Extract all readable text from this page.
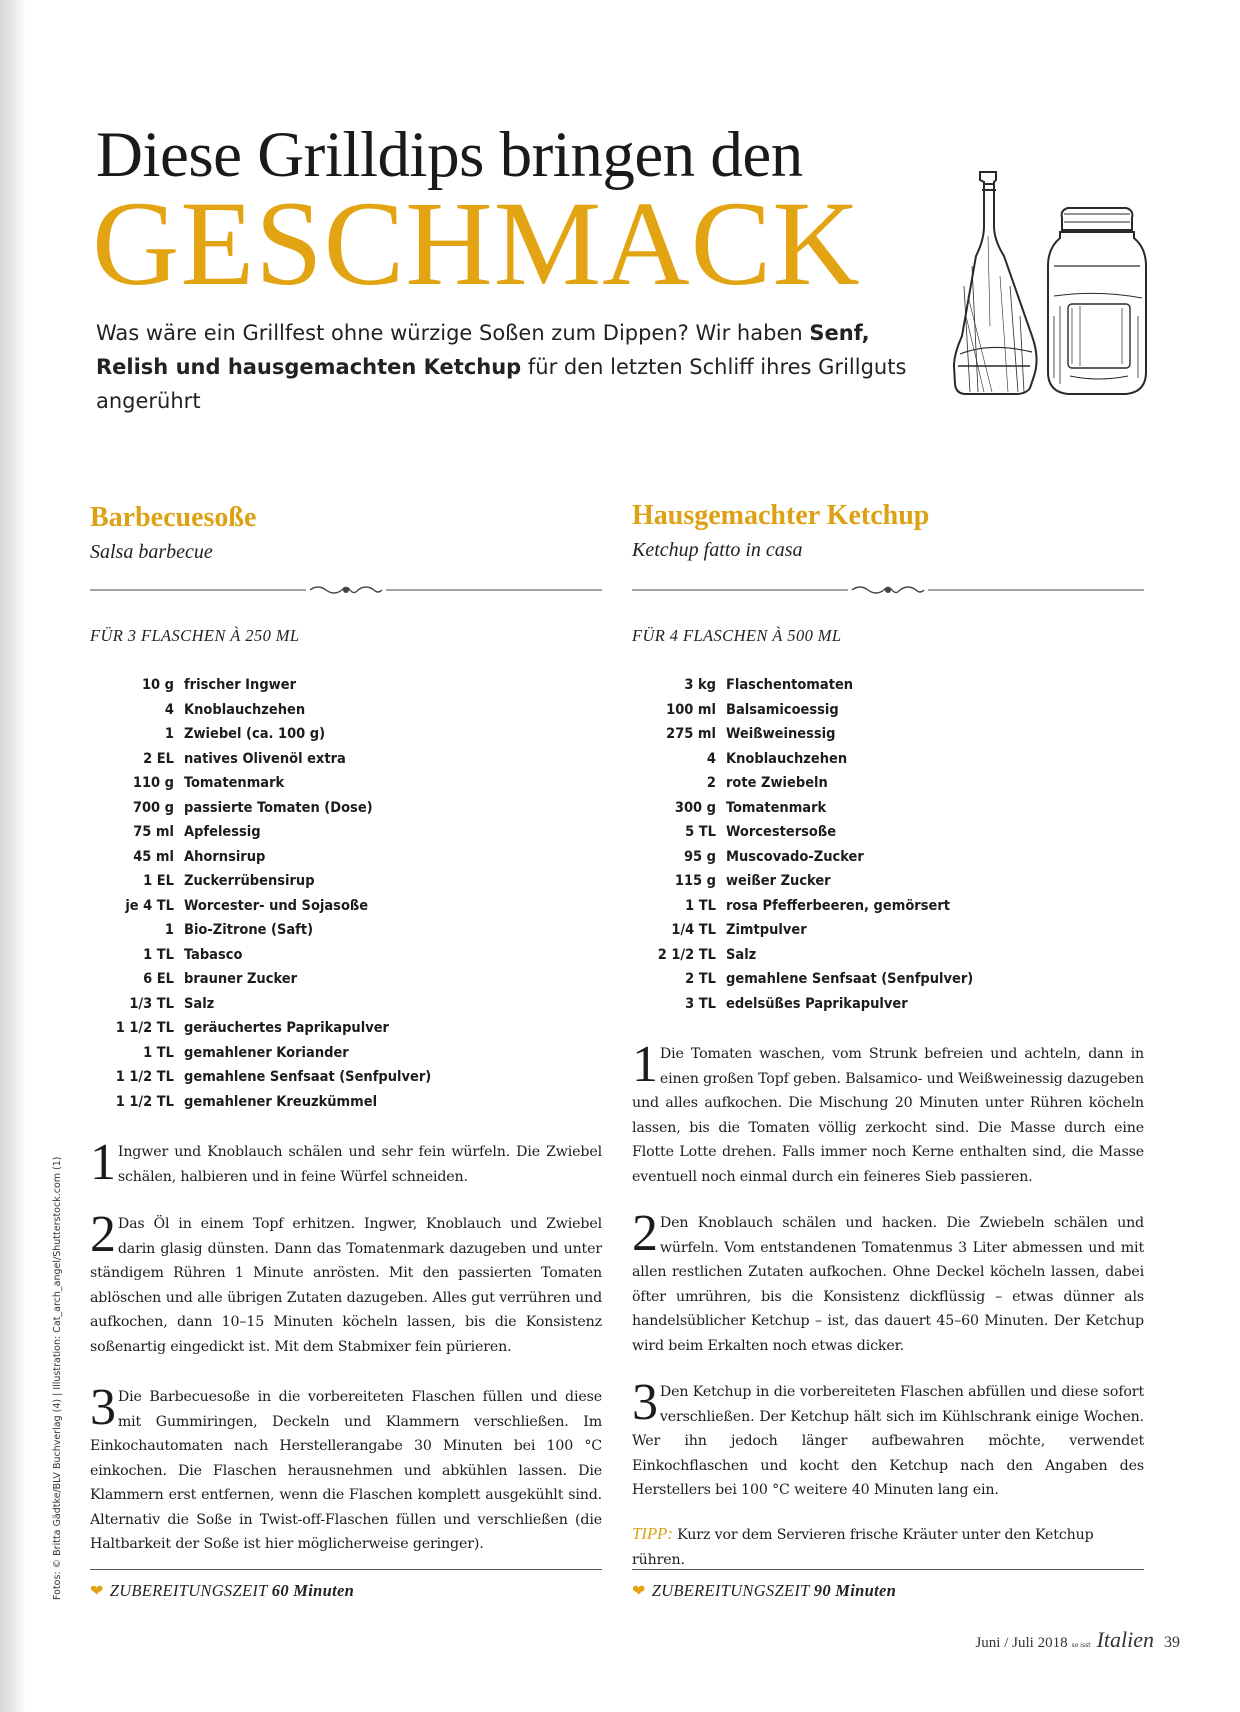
Fotos: © Britta Gädtke/BLV Buchverlag (4) | Illustration: Cat_arch_angel/Shutterstock.com (1)
Diese Grilldips bringen den
GESCHMACK
Was wäre ein Grillfest ohne würzige Soßen zum Dippen? Wir haben Senf, Relish und hausgemachten Ketchup für den letzten Schliff ihres Grillguts angerührt
Barbecuesoße
Salsa barbecue
FÜR 3 FLASCHEN À 250 ML
10 g frischer Ingwer
4 Knoblauchzehen
1 Zwiebel (ca. 100 g)
2 EL natives Olivenöl extra
110 g Tomatenmark
700 g passierte Tomaten (Dose)
75 ml Apfelessig
45 ml Ahornsirup
1 EL Zuckerrübensirup
je 4 TL Worcester- und Sojasoße
1 Bio-Zitrone (Saft)
1 TL Tabasco
6 EL brauner Zucker
1/3 TL Salz
1 1/2 TL geräuchertes Paprikapulver
1 TL gemahlener Koriander
1 1/2 TL gemahlene Senfsaat (Senfpulver)
1 1/2 TL gemahlener Kreuzkümmel
1 Ingwer und Knoblauch schälen und sehr fein würfeln. Die Zwiebel schälen, halbieren und in feine Würfel schneiden.
2 Das Öl in einem Topf erhitzen. Ingwer, Knoblauch und Zwiebel darin glasig dünsten. Dann das Tomatenmark dazugeben und unter ständigem Rühren 1 Minute anrösten. Mit den passierten Tomaten ablöschen und alle übrigen Zutaten dazugeben. Alles gut verrühren und aufkochen, dann 10–15 Minuten köcheln lassen, bis die Konsistenz soßenartig eingedickt ist. Mit dem Stabmixer fein pürieren.
3 Die Barbecuesoße in die vorbereiteten Flaschen füllen und diese mit Gummiringen, Deckeln und Klammern verschließen. Im Einkochautomaten nach Herstellerangabe 30 Minuten bei 100 °C einkochen. Die Flaschen herausnehmen und abkühlen lassen. Die Klammern erst entfernen, wenn die Flaschen komplett ausgekühlt sind. Alternativ die Soße in Twist-off-Flaschen füllen und verschließen (die Haltbarkeit der Soße ist hier möglicherweise geringer).
❤ ZUBEREITUNGSZEIT 60 Minuten
Hausgemachter Ketchup
Ketchup fatto in casa
FÜR 4 FLASCHEN À 500 ML
3 kg Flaschentomaten
100 ml Balsamicoessig
275 ml Weißweinessig
4 Knoblauchzehen
2 rote Zwiebeln
300 g Tomatenmark
5 TL Worcestersoße
95 g Muscovado-Zucker
115 g weißer Zucker
1 TL rosa Pfefferbeeren, gemörsert
1/4 TL Zimtpulver
2 1/2 TL Salz
2 TL gemahlene Senfsaat (Senfpulver)
3 TL edelsüßes Paprikapulver
1 Die Tomaten waschen, vom Strunk befreien und achteln, dann in einen großen Topf geben. Balsamico- und Weißweinessig dazugeben und alles aufkochen. Die Mischung 20 Minuten unter Rühren köcheln lassen, bis die Tomaten völlig zerkocht sind. Die Masse durch eine Flotte Lotte drehen. Falls immer noch Kerne enthalten sind, die Masse eventuell noch einmal durch ein feineres Sieb passieren.
2 Den Knoblauch schälen und hacken. Die Zwiebeln schälen und würfeln. Vom entstandenen Tomatenmus 3 Liter abmessen und mit allen restlichen Zutaten aufkochen. Ohne Deckel köcheln lassen, dabei öfter umrühren, bis die Konsistenz dickflüssig – etwas dünner als handelsüblicher Ketchup – ist, das dauert 45–60 Minuten. Der Ketchup wird beim Erkalten noch etwas dicker.
3 Den Ketchup in die vorbereiteten Flaschen abfüllen und diese sofort verschließen. Der Ketchup hält sich im Kühlschrank einige Wochen. Wer ihn jedoch länger aufbewahren möchte, verwendet Einkochflaschen und kocht den Ketchup nach den Angaben des Herstellers bei 100 °C weitere 40 Minuten lang ein.
TIPP: Kurz vor dem Servieren frische Kräuter unter den Ketchup rühren.
❤ ZUBEREITUNGSZEIT 90 Minuten
Juni / Juli 2018 so isst Italien 39
